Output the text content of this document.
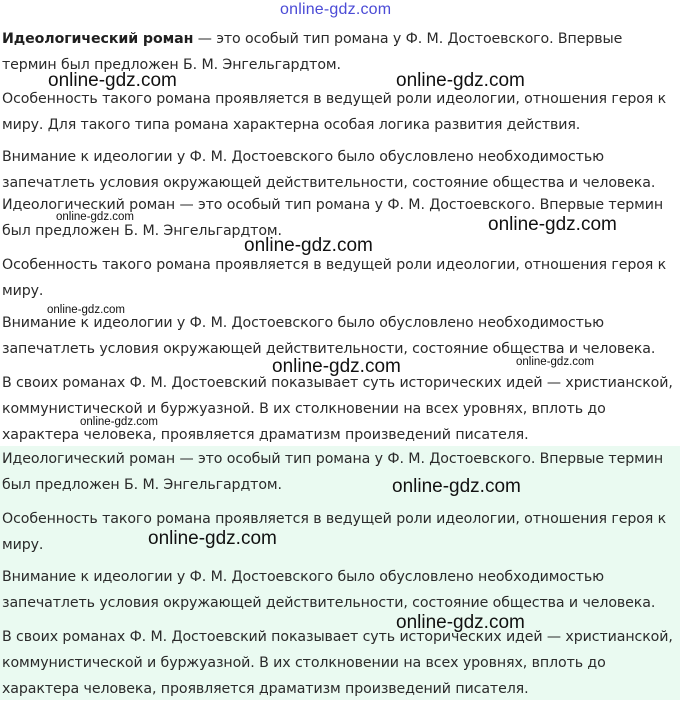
Идеологический роман — это особый тип романа у Ф. М. Достоевского. Впервые термин был предложен Б. М. Энгельгардтом.

Особенность такого романа проявляется в ведущей роли идеологии, отношения героя к миру. Для такого типа романа характерна особая логика развития действия.

Внимание к идеологии у Ф. М. Достоевского было обусловлено необходимостью запечатлеть условия окружающей действительности, состояние общества и человека.

Идеологический роман — это особый тип романа у Ф. М. Достоевского. Впервые термин был предложен Б. М. Энгельгардтом.

Особенность такого романа проявляется в ведущей роли идеологии, отношения героя к миру.

Внимание к идеологии у Ф. М. Достоевского было обусловлено необходимостью запечатлеть условия окружающей действительности, состояние общества и человека.

В своих романах Ф. М. Достоевский показывает суть исторических идей — христианской, коммунистической и буржуазной. В их столкновении на всех уровнях, вплоть до характера человека, проявляется драматизм произведений писателя.

Идеологический роман — это особый тип романа у Ф. М. Достоевского. Впервые термин был предложен Б. М. Энгельгардтом.

Особенность такого романа проявляется в ведущей роли идеологии, отношения героя к миру.

Внимание к идеологии у Ф. М. Достоевского было обусловлено необходимостью запечатлеть условия окружающей действительности, состояние общества и человека.

В своих романах Ф. М. Достоевский показывает суть исторических идей — христианской, коммунистической и буржуазной. В их столкновении на всех уровнях, вплоть до характера человека, проявляется драматизм произведений писателя.

online-gdz.com
online-gdz.com	online-gdz.com
online-gdz.com	online-gdz.com
online-gdz.com
online-gdz.com
online-gdz.com	online-gdz.com
online-gdz.com
online-gdz.com
online-gdz.com
online-gdz.com
